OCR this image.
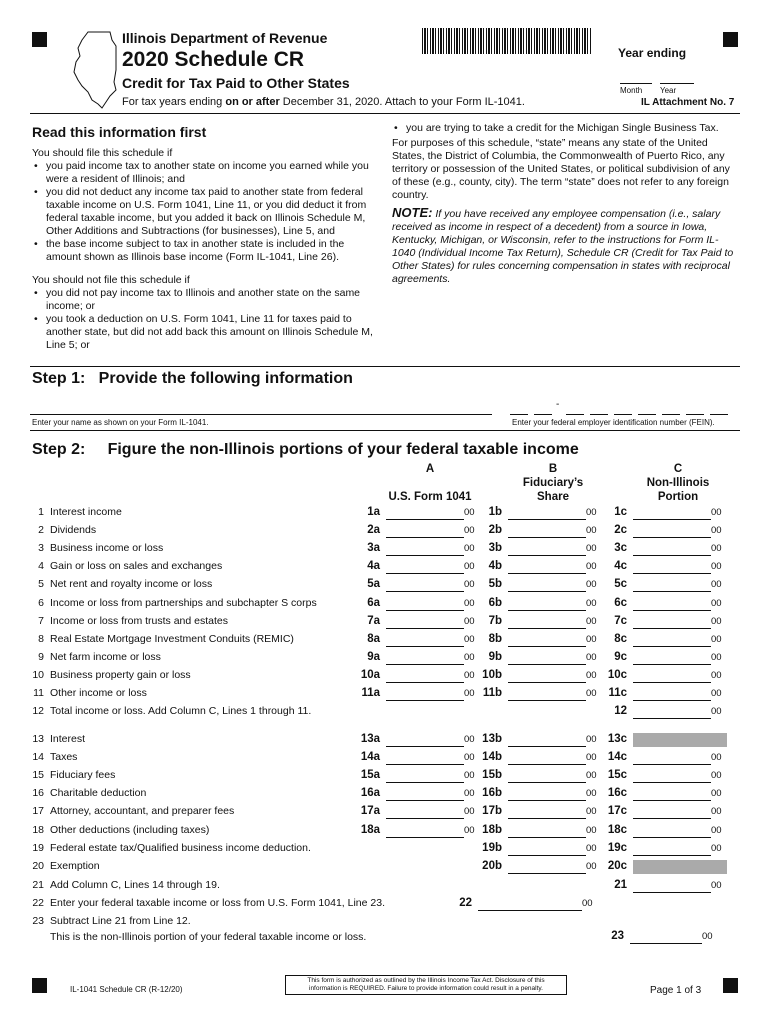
Illinois Department of Revenue
2020 Schedule CR
Credit for Tax Paid to Other States
For tax years ending on or after December 31, 2020. Attach to your Form IL-1041.
Year ending
Month Year
IL Attachment No. 7
Read this information first
You should file this schedule if
• you paid income tax to another state on income you earned while you were a resident of Illinois; and
• you did not deduct any income tax paid to another state from federal taxable income on U.S. Form 1041, Line 11, or you did deduct it from federal taxable income, but you added it back on Illinois Schedule M, Other Additions and Subtractions (for businesses), Line 5, and
• the base income subject to tax in another state is included in the amount shown as Illinois base income (Form IL-1041, Line 26).
You should not file this schedule if
• you did not pay income tax to Illinois and another state on the same income; or
• you took a deduction on U.S. Form 1041, Line 11 for taxes paid to another state, but did not add back this amount on Illinois Schedule M, Line 5; or
• you are trying to take a credit for the Michigan Single Business Tax.
For purposes of this schedule, “state” means any state of the United States, the District of Columbia, the Commonwealth of Puerto Rico, any territory or possession of the United States, or political subdivision of any of these (e.g., county, city). The term “state” does not refer to any foreign country.
NOTE: If you have received any employee compensation (i.e., salary received as income in respect of a decedent) from a source in Iowa, Kentucky, Michigan, or Wisconsin, refer to the instructions for Form IL-1040 (Individual Income Tax Return), Schedule CR (Credit for Tax Paid to Other States) for rules concerning compensation in states with reciprocal agreements.
Step 1:   Provide the following information
Enter your name as shown on your Form IL-1041.
-
Enter your federal employer identification number (FEIN).
Step 2:     Figure the non-Illinois portions of your federal taxable income
A
U.S. Form 1041
B
Fiduciary’s
Share
C
Non-Illinois
Portion
1 Interest income	1a	00	1b	00	1c	00
2 Dividends	2a	00	2b	00	2c	00
3 Business income or loss	3a	00	3b	00	3c	00
4 Gain or loss on sales and exchanges	4a	00	4b	00	4c	00
5 Net rent and royalty income or loss	5a	00	5b	00	5c	00
6 Income or loss from partnerships and subchapter S corps	6a	00	6b	00	6c	00
7 Income or loss from trusts and estates	7a	00	7b	00	7c	00
8 Real Estate Mortgage Investment Conduits (REMIC)	8a	00	8b	00	8c	00
9 Net farm income or loss	9a	00	9b	00	9c	00
10 Business property gain or loss	10a	00 10b	00 10c	00
11 Other income or loss	11a	00 11b	00	11c	00
12 Total income or loss. Add Column C, Lines 1 through 11.	12	00
13 Interest	13a	00 13b	00 13c
14 Taxes	14a	00 14b	00 14c	00
15 Fiduciary fees	15a	00 15b	00 15c	00
16 Charitable deduction	16a	00 16b	00 16c	00
17 Attorney, accountant, and preparer fees	17a	00 17b	00 17c	00
18 Other deductions (including taxes)	18a	00 18b	00 18c	00
19 Federal estate tax/Qualified business income deduction.	19b	00 19c	00
20 Exemption	20b	00 20c
21 Add Column C, Lines 14 through 19.	21	00
22 Enter your federal taxable income or loss from U.S. Form 1041, Line 23.	22	00
23 Subtract Line 21 from Line 12.
This is the non-Illinois portion of your federal taxable income or loss.	23	00
IL-1041 Schedule CR (R-12/20)
This form is authorized as outlined by the Illinois Income Tax Act. Disclosure of this
information is REQUIRED. Failure to provide information could result in a penalty.	Page 1 of 3
